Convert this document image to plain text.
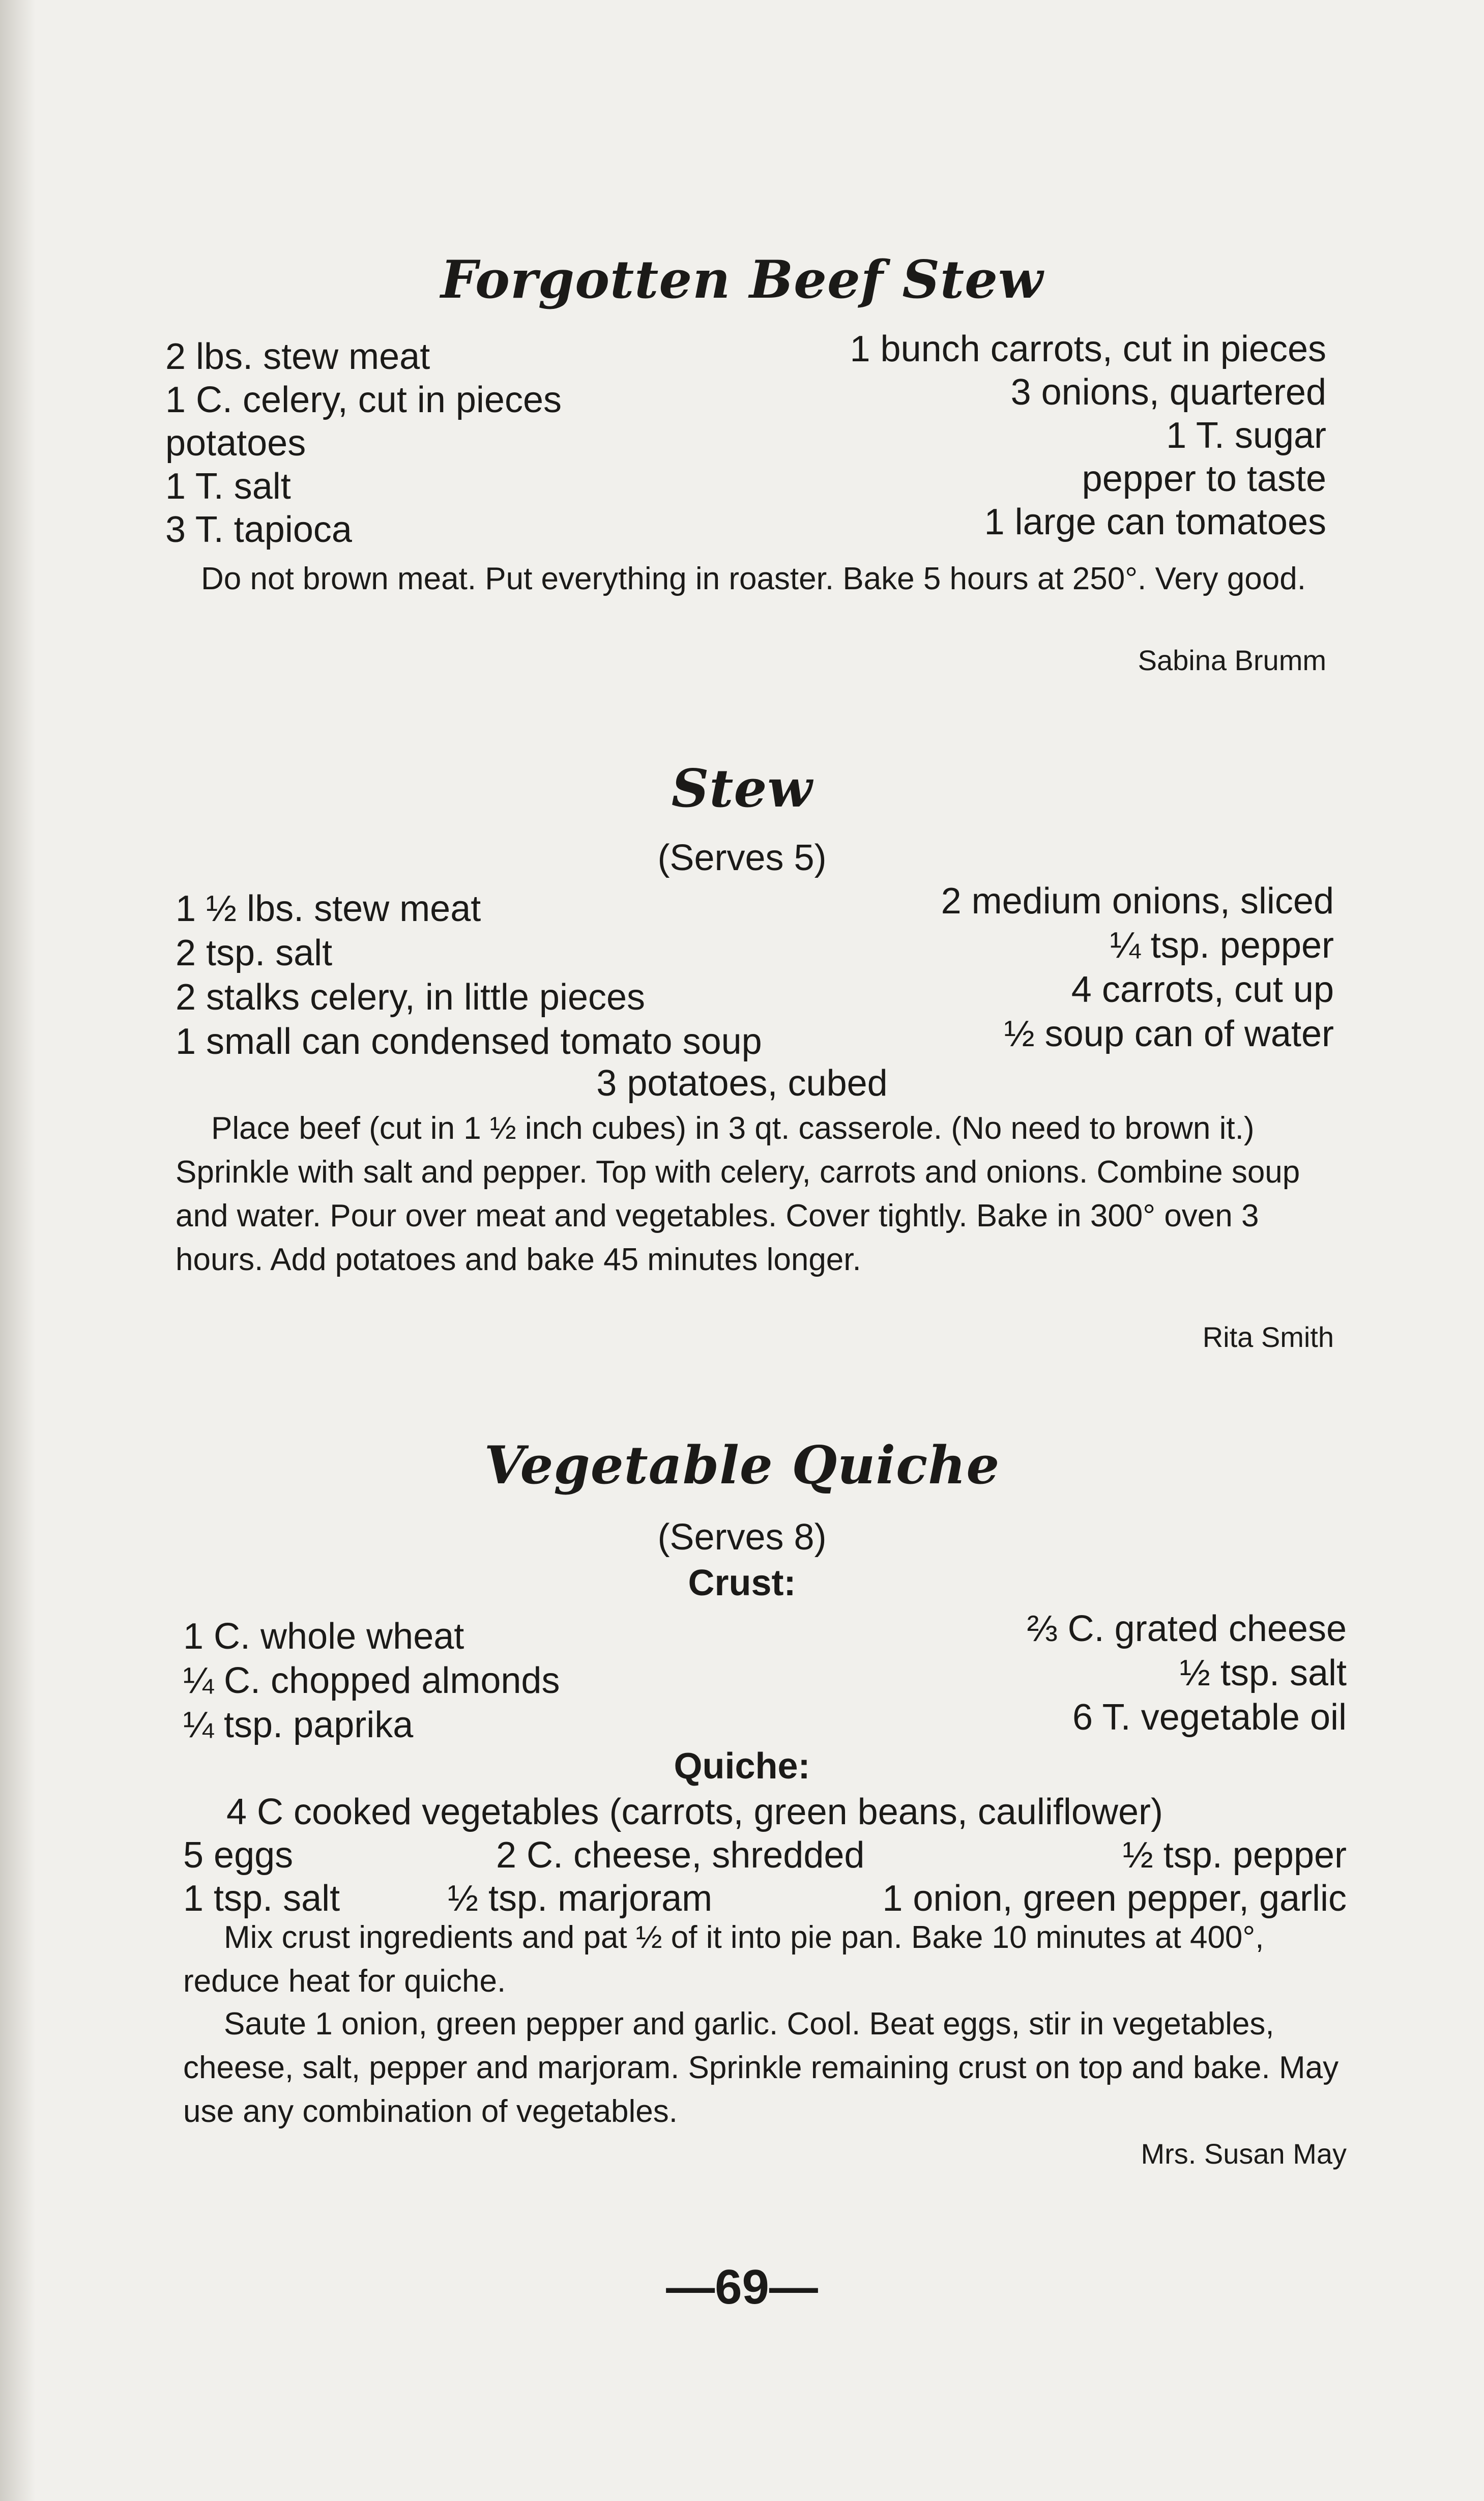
Forgotten Beef Stew
2 lbs. stew meat
1 C. celery, cut in pieces
potatoes
1 T. salt
3 T. tapioca
1 bunch carrots, cut in pieces
3 onions, quartered
1 T. sugar
pepper to taste
1 large can tomatoes
Do not brown meat. Put everything in roaster. Bake 5 hours at 250°. Very good.
Sabina Brumm
Stew
(Serves 5)
1 ½ lbs. stew meat
2 tsp. salt
2 stalks celery, in little pieces
1 small can condensed tomato soup
2 medium onions, sliced
¼ tsp. pepper
4 carrots, cut up
½ soup can of water
3 potatoes, cubed
Place beef (cut in 1 ½ inch cubes) in 3 qt. casserole. (No need to brown it.) Sprinkle with salt and pepper. Top with celery, carrots and onions. Combine soup and water. Pour over meat and vegetables. Cover tightly. Bake in 300° oven 3 hours. Add potatoes and bake 45 minutes longer.
Rita Smith
Vegetable Quiche
(Serves 8)
Crust:
1 C. whole wheat
¼ C. chopped almonds
¼ tsp. paprika
⅔ C. grated cheese
½ tsp. salt
6 T. vegetable oil
Quiche:
4 C cooked vegetables (carrots, green beans, cauliflower)
5 eggs	2 C. cheese, shredded	½ tsp. pepper
1 tsp. salt	½ tsp. marjoram	1 onion, green pepper, garlic
Mix crust ingredients and pat ½ of it into pie pan. Bake 10 minutes at 400°, reduce heat for quiche.
Saute 1 onion, green pepper and garlic. Cool. Beat eggs, stir in vegetables, cheese, salt, pepper and marjoram. Sprinkle remaining crust on top and bake. May use any combination of vegetables.
Mrs. Susan May
—69—
